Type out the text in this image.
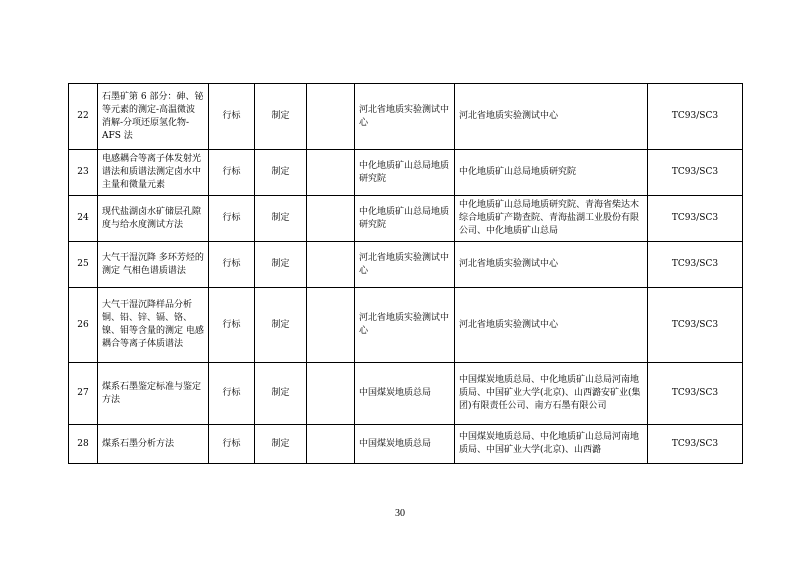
22	石墨矿第 6 部分：砷、铋等元素的测定-高温微波消解-分项还原氢化物-AFS 法	行标	制定		河北省地质实验测试中心	河北省地质实验测试中心	TC93/SC3
23	电感耦合等离子体发射光谱法和质谱法测定卤水中主量和微量元素	行标	制定		中化地质矿山总局地质研究院	中化地质矿山总局地质研究院	TC93/SC3
24	现代盐湖卤水矿储层孔隙度与给水度测试方法	行标	制定		中化地质矿山总局地质研究院	中化地质矿山总局地质研究院、青海省柴达木综合地质矿产勘查院、青海盐湖工业股份有限公司、中化地质矿山总局	TC93/SC3
25	大气干湿沉降 多环芳烃的测定 气相色谱质谱法	行标	制定		河北省地质实验测试中心	河北省地质实验测试中心	TC93/SC3
26	大气干湿沉降样品分析 铜、铅、锌、镉、铬、镍、钼等含量的测定 电感耦合等离子体质谱法	行标	制定		河北省地质实验测试中心	河北省地质实验测试中心	TC93/SC3
27	煤系石墨鉴定标准与鉴定方法	行标	制定		中国煤炭地质总局	中国煤炭地质总局、中化地质矿山总局河南地质局、中国矿业大学(北京)、山西潞安矿业(集团)有限责任公司、南方石墨有限公司	TC93/SC3
28	煤系石墨分析方法	行标	制定		中国煤炭地质总局	中国煤炭地质总局、中化地质矿山总局河南地质局、中国矿业大学(北京)、山西潞	TC93/SC3
30
